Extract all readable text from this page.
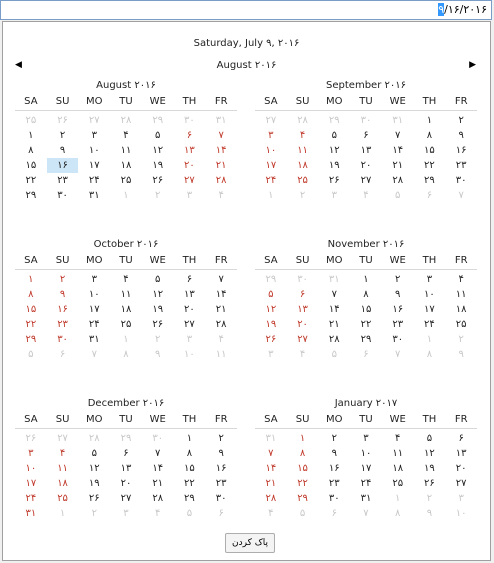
۹/۱۶/۲۰۱۶
Saturday, July ۹, ۲۰۱۶
◀	August ۲۰۱۶	▶
August ۲۰۱۶
SA	SU	MO	TU	WE	TH	FR
۲۵	۲۶	۲۷	۲۸	۲۹	۳۰	۳۱
۱	۲	۳	۴	۵	۶	۷
۸	۹	۱۰	۱۱	۱۲	۱۳	۱۴
۱۵	۱۶	۱۷	۱۸	۱۹	۲۰	۲۱
۲۲	۲۳	۲۴	۲۵	۲۶	۲۷	۲۸
۲۹	۳۰	۳۱	۱	۲	۳	۴
September ۲۰۱۶
SA	SU	MO	TU	WE	TH	FR
۲۷	۲۸	۲۹	۳۰	۳۱	۱	۲
۳	۴	۵	۶	۷	۸	۹
۱۰	۱۱	۱۲	۱۳	۱۴	۱۵	۱۶
۱۷	۱۸	۱۹	۲۰	۲۱	۲۲	۲۳
۲۴	۲۵	۲۶	۲۷	۲۸	۲۹	۳۰
۱	۲	۳	۴	۵	۶	۷
October ۲۰۱۶
SA	SU	MO	TU	WE	TH	FR
۱	۲	۳	۴	۵	۶	۷
۸	۹	۱۰	۱۱	۱۲	۱۳	۱۴
۱۵	۱۶	۱۷	۱۸	۱۹	۲۰	۲۱
۲۲	۲۳	۲۴	۲۵	۲۶	۲۷	۲۸
۲۹	۳۰	۳۱	۱	۲	۳	۴
۵	۶	۷	۸	۹	۱۰	۱۱
November ۲۰۱۶
SA	SU	MO	TU	WE	TH	FR
۲۹	۳۰	۳۱	۱	۲	۳	۴
۵	۶	۷	۸	۹	۱۰	۱۱
۱۲	۱۳	۱۴	۱۵	۱۶	۱۷	۱۸
۱۹	۲۰	۲۱	۲۲	۲۳	۲۴	۲۵
۲۶	۲۷	۲۸	۲۹	۳۰	۱	۲
۳	۴	۵	۶	۷	۸	۹
December ۲۰۱۶
SA	SU	MO	TU	WE	TH	FR
۲۶	۲۷	۲۸	۲۹	۳۰	۱	۲
۳	۴	۵	۶	۷	۸	۹
۱۰	۱۱	۱۲	۱۳	۱۴	۱۵	۱۶
۱۷	۱۸	۱۹	۲۰	۲۱	۲۲	۲۳
۲۴	۲۵	۲۶	۲۷	۲۸	۲۹	۳۰
۳۱	۱	۲	۳	۴	۵	۶
January ۲۰۱۷
SA	SU	MO	TU	WE	TH	FR
۳۱	۱	۲	۳	۴	۵	۶
۷	۸	۹	۱۰	۱۱	۱۲	۱۳
۱۴	۱۵	۱۶	۱۷	۱۸	۱۹	۲۰
۲۱	۲۲	۲۳	۲۴	۲۵	۲۶	۲۷
۲۸	۲۹	۳۰	۳۱	۱	۲	۳
۴	۵	۶	۷	۸	۹	۱۰
پاک کردن
